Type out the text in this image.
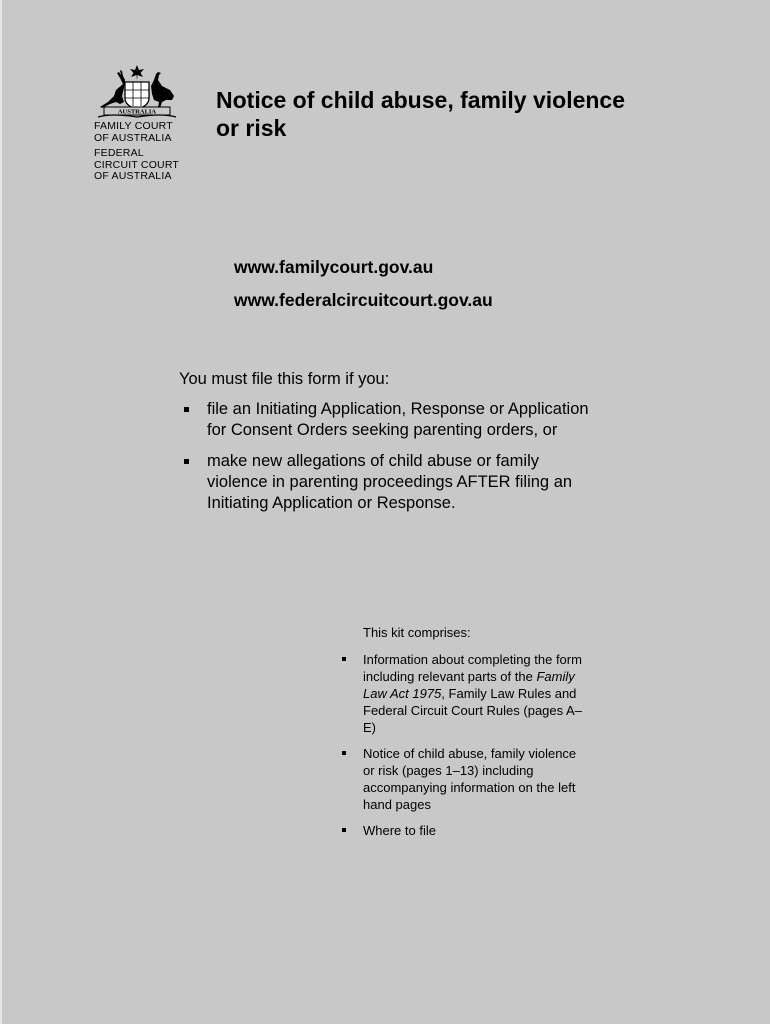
AUSTRALIA
FAMILY COURT
OF AUSTRALIA
FEDERAL
CIRCUIT COURT
OF AUSTRALIA
Notice of child abuse, family violence
or risk
www.familycourt.gov.au
www.federalcircuitcourt.gov.au

You must file this form if you:

file an Initiating Application, Response or Application for Consent Orders seeking parenting orders, or
make new allegations of child abuse or family violence in parenting proceedings AFTER filing an Initiating Application or Response.

This kit comprises:

Information about completing the form including relevant parts of the Family Law Act 1975, Family Law Rules and Federal Circuit Court Rules (pages A–E)
Notice of child abuse, family violence or risk (pages 1–13) including accompanying information on the left hand pages
Where to file
